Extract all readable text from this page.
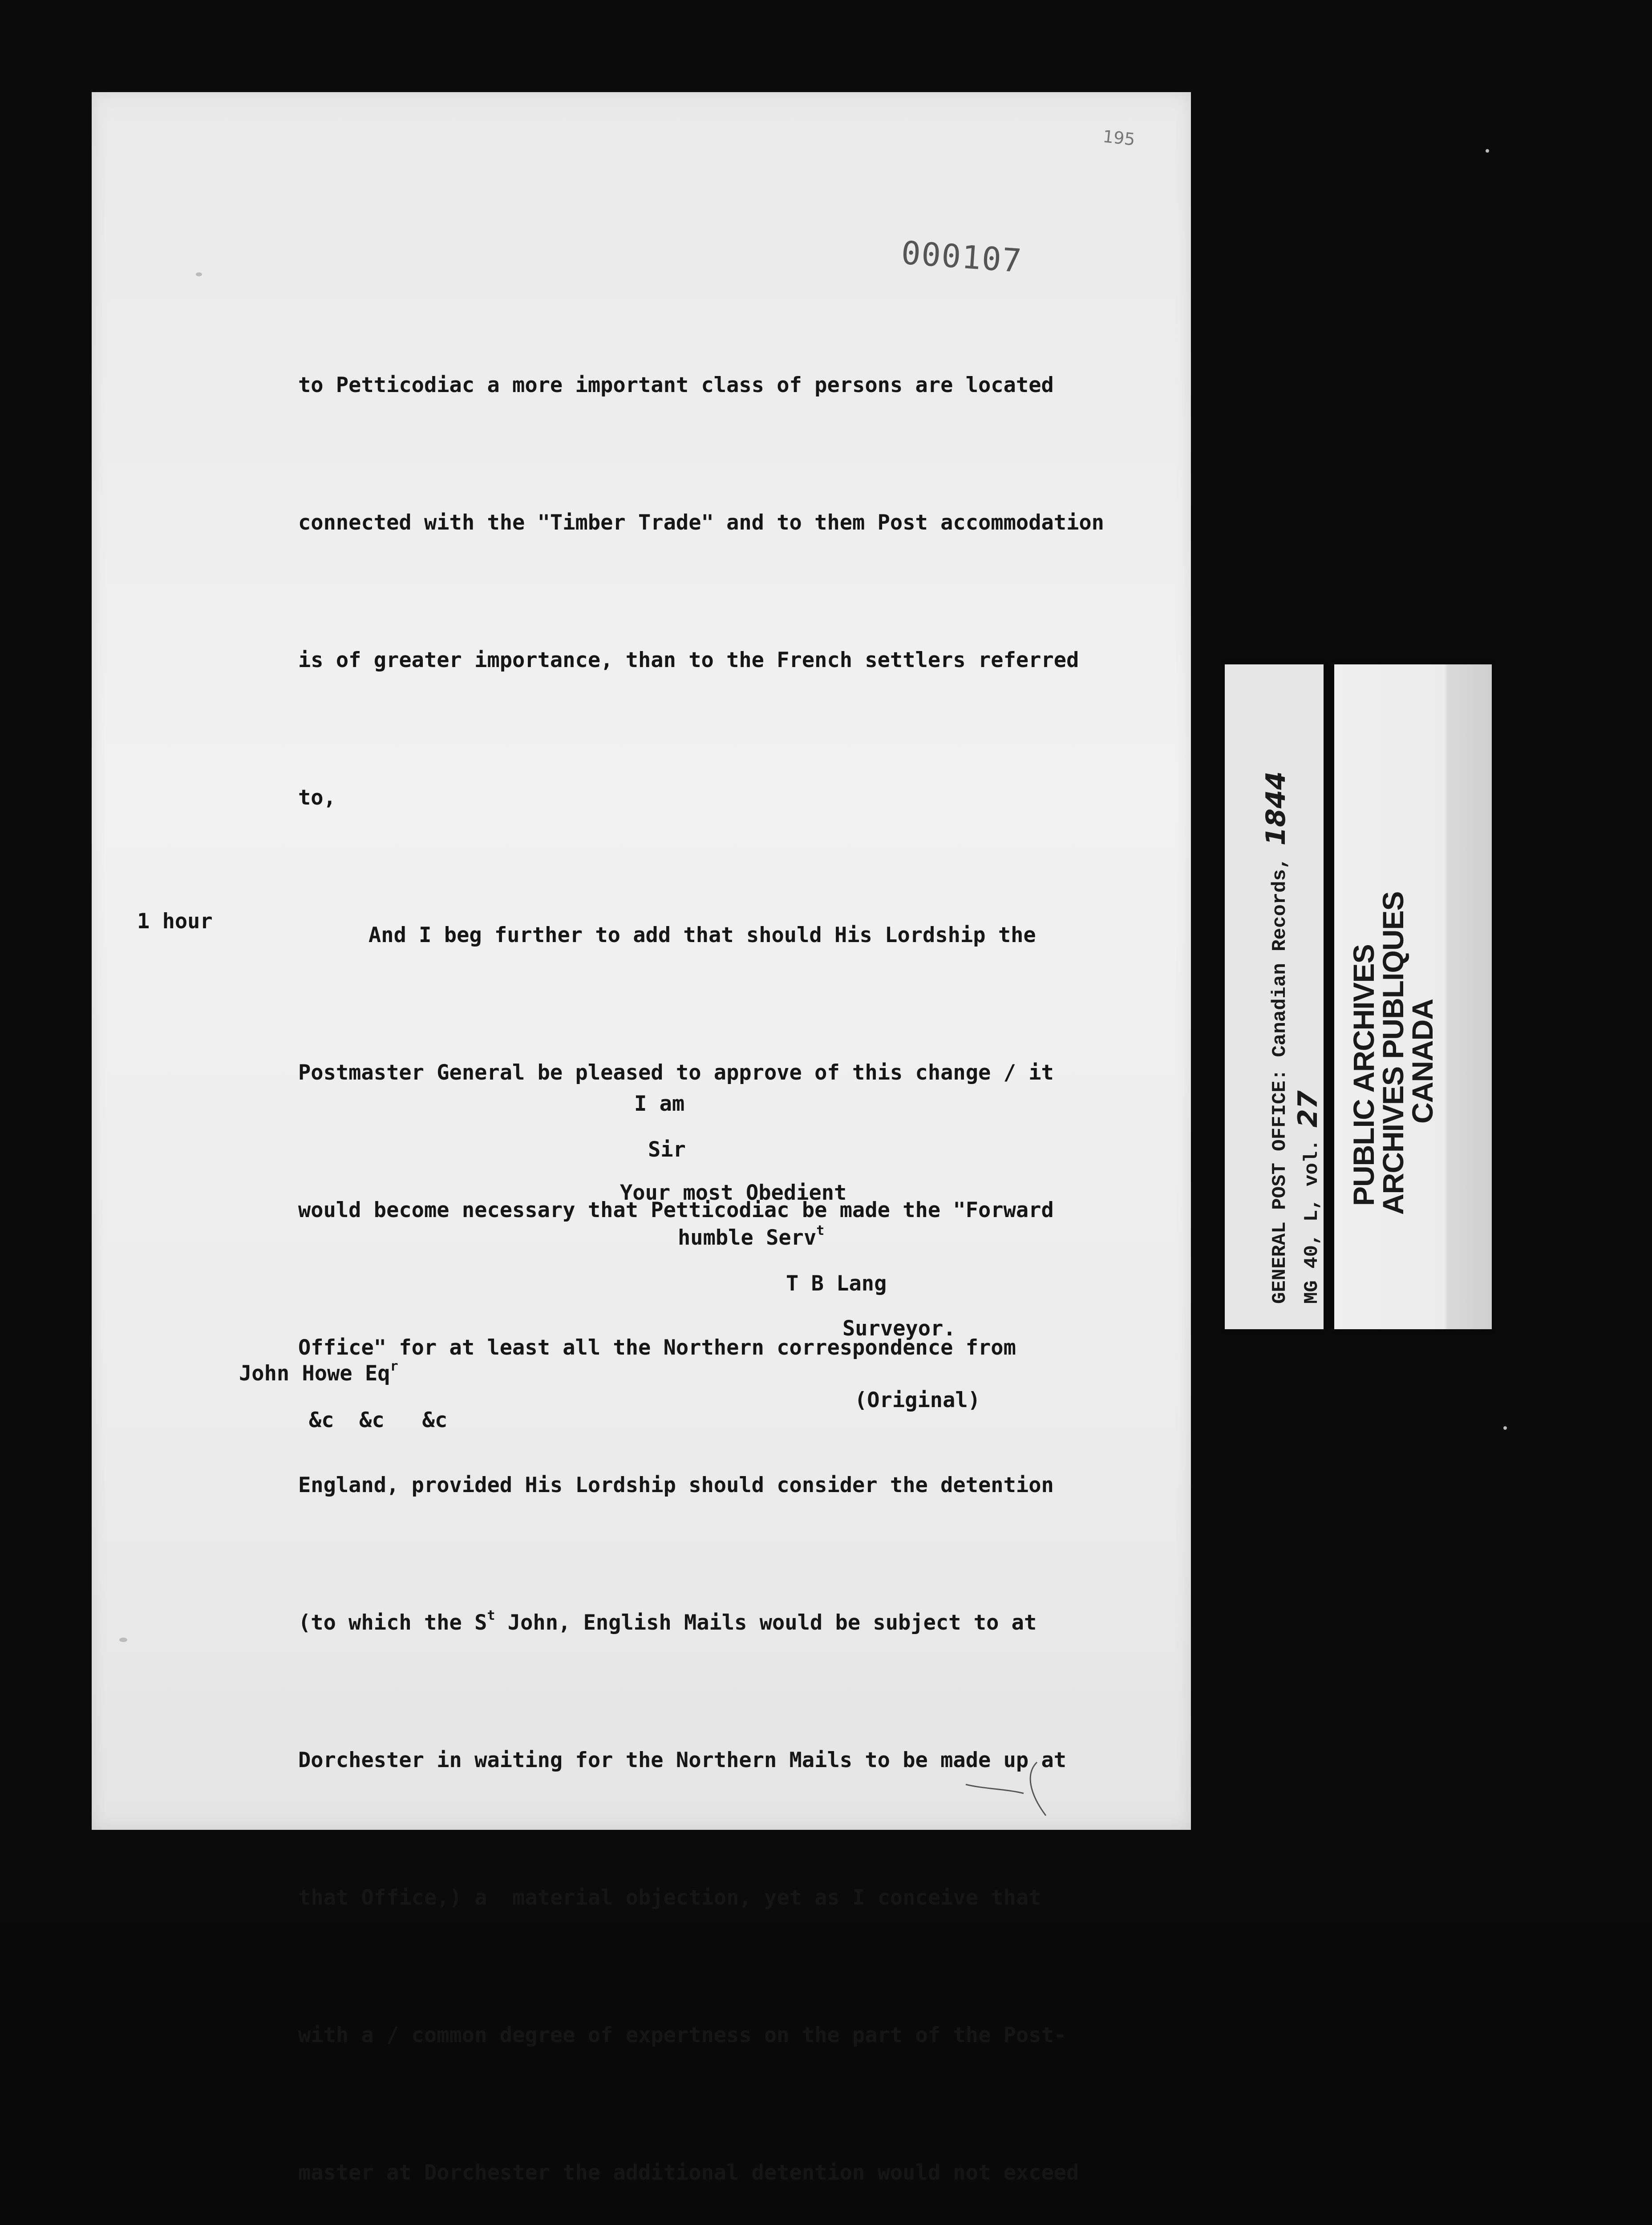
195
000107

to Petticodiac a more important class of persons are located

connected with the "Timber Trade" and to them Post accommodation

is of greater importance, than to the French settlers referred

to,

And I beg further to add that should His Lordship the

Postmaster General be pleased to approve of this change / it

would become necessary that Petticodiac be made the "Forward

Office" for at least all the Northern correspondence from

England, provided His Lordship should consider the detention

(to which the $S^t$ John, English Mails would be subject to at

Dorchester in waiting for the Northern Mails to be made up at

that Office,) a  material objection, yet as I conceive that

with a / common degree of expertness on the part of the Post-

master at Dorchester the additional detention would not exceed

1 hour
I am
Sir
Your most Obedient
humble Serv$^t$
T B Lang
Surveyor.
John Howe Eq$^r$
&c  &c   &c
(Original)
GENERAL POST OFFICE: Canadian Records, 1844
MG 40, L, vol. 27 PUBLIC ARCHIVES
ARCHIVES PUBLIQUES
CANADA
